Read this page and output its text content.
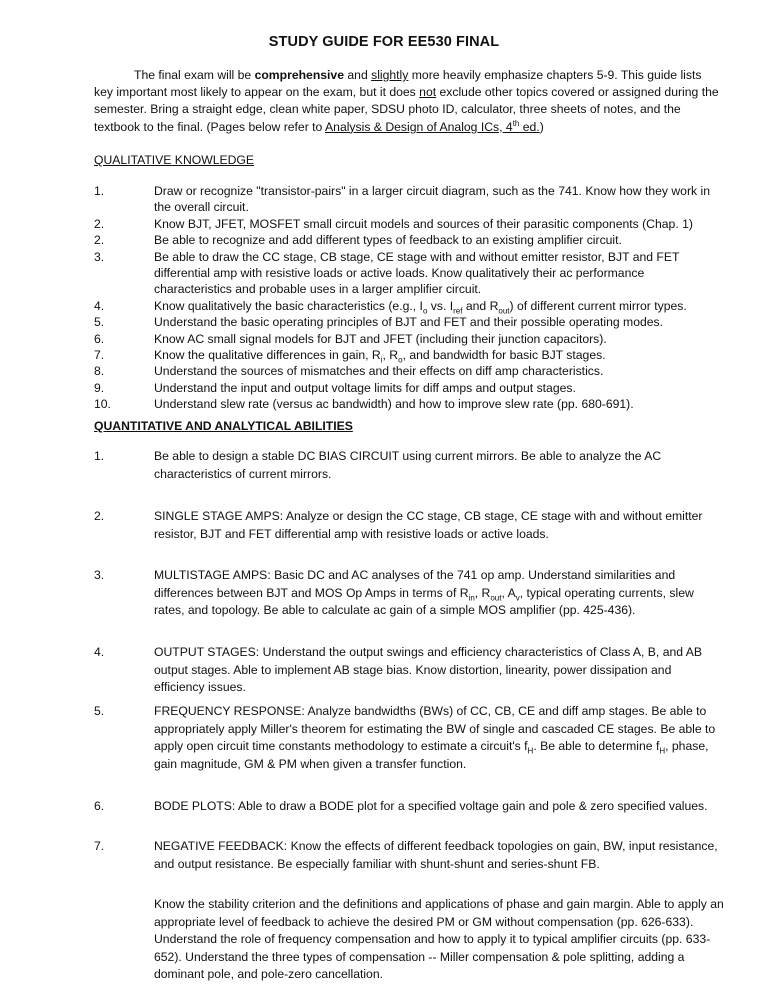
STUDY GUIDE FOR EE530 FINAL
The final exam will be comprehensive and slightly more heavily emphasize chapters 5-9. This guide lists key important most likely to appear on the exam, but it does not exclude other topics covered or assigned during the semester. Bring a straight edge, clean white paper, SDSU photo ID, calculator, three sheets of notes, and the textbook to the final. (Pages below refer to Analysis & Design of Analog ICs, 4th ed.)
QUALITATIVE KNOWLEDGE
1.	Draw or recognize "transistor-pairs" in a larger circuit diagram, such as the 741. Know how they work in the overall circuit.
2.	Know BJT, JFET, MOSFET small circuit models and sources of their parasitic components (Chap. 1)
2.	Be able to recognize and add different types of feedback to an existing amplifier circuit.
3.	Be able to draw the CC stage, CB stage, CE stage with and without emitter resistor, BJT and FET differential amp with resistive loads or active loads. Know qualitatively their ac performance characteristics and probable uses in a larger amplifier circuit.
4.	Know qualitatively the basic characteristics (e.g., $I_o$ vs. $I_{ref}$ and $R_{out}$) of different current mirror types.
5.	Understand the basic operating principles of BJT and FET and their possible operating modes.
6.	Know AC small signal models for BJT and JFET (including their junction capacitors).
7.	Know the qualitative differences in gain, $R_i$, $R_o$, and bandwidth for basic BJT stages.
8.	Understand the sources of mismatches and their effects on diff amp characteristics.
9.	Understand the input and output voltage limits for diff amps and output stages.
10.	Understand slew rate (versus ac bandwidth) and how to improve slew rate (pp. 680-691).
QUANTITATIVE AND ANALYTICAL ABILITIES
1.	Be able to design a stable DC BIAS CIRCUIT using current mirrors. Be able to analyze the AC characteristics of current mirrors.
2.	SINGLE STAGE AMPS: Analyze or design the CC stage, CB stage, CE stage with and without emitter resistor, BJT and FET differential amp with resistive loads or active loads.
3.	MULTISTAGE AMPS: Basic DC and AC analyses of the 741 op amp. Understand similarities and differences between BJT and MOS Op Amps in terms of $R_{in}$, $R_{out}$, $A_v$, typical operating currents, slew rates, and topology. Be able to calculate ac gain of a simple MOS amplifier (pp. 425-436).
4.	OUTPUT STAGES: Understand the output swings and efficiency characteristics of Class A, B, and AB output stages. Able to implement AB stage bias. Know distortion, linearity, power dissipation and efficiency issues.
5.	FREQUENCY RESPONSE: Analyze bandwidths (BWs) of CC, CB, CE and diff amp stages. Be able to appropriately apply Miller's theorem for estimating the BW of single and cascaded CE stages. Be able to apply open circuit time constants methodology to estimate a circuit's $f_H$. Be able to determine $f_H$, phase, gain magnitude, GM & PM when given a transfer function.
6.	BODE PLOTS: Able to draw a BODE plot for a specified voltage gain and pole & zero specified values.
7.	NEGATIVE FEEDBACK: Know the effects of different feedback topologies on gain, BW, input resistance, and output resistance. Be especially familiar with shunt-shunt and series-shunt FB.
Know the stability criterion and the definitions and applications of phase and gain margin. Able to apply an appropriate level of feedback to achieve the desired PM or GM without compensation (pp. 626-633). Understand the role of frequency compensation and how to apply it to typical amplifier circuits (pp. 633-652). Understand the three types of compensation -- Miller compensation & pole splitting, adding a dominant pole, and pole-zero cancellation.
